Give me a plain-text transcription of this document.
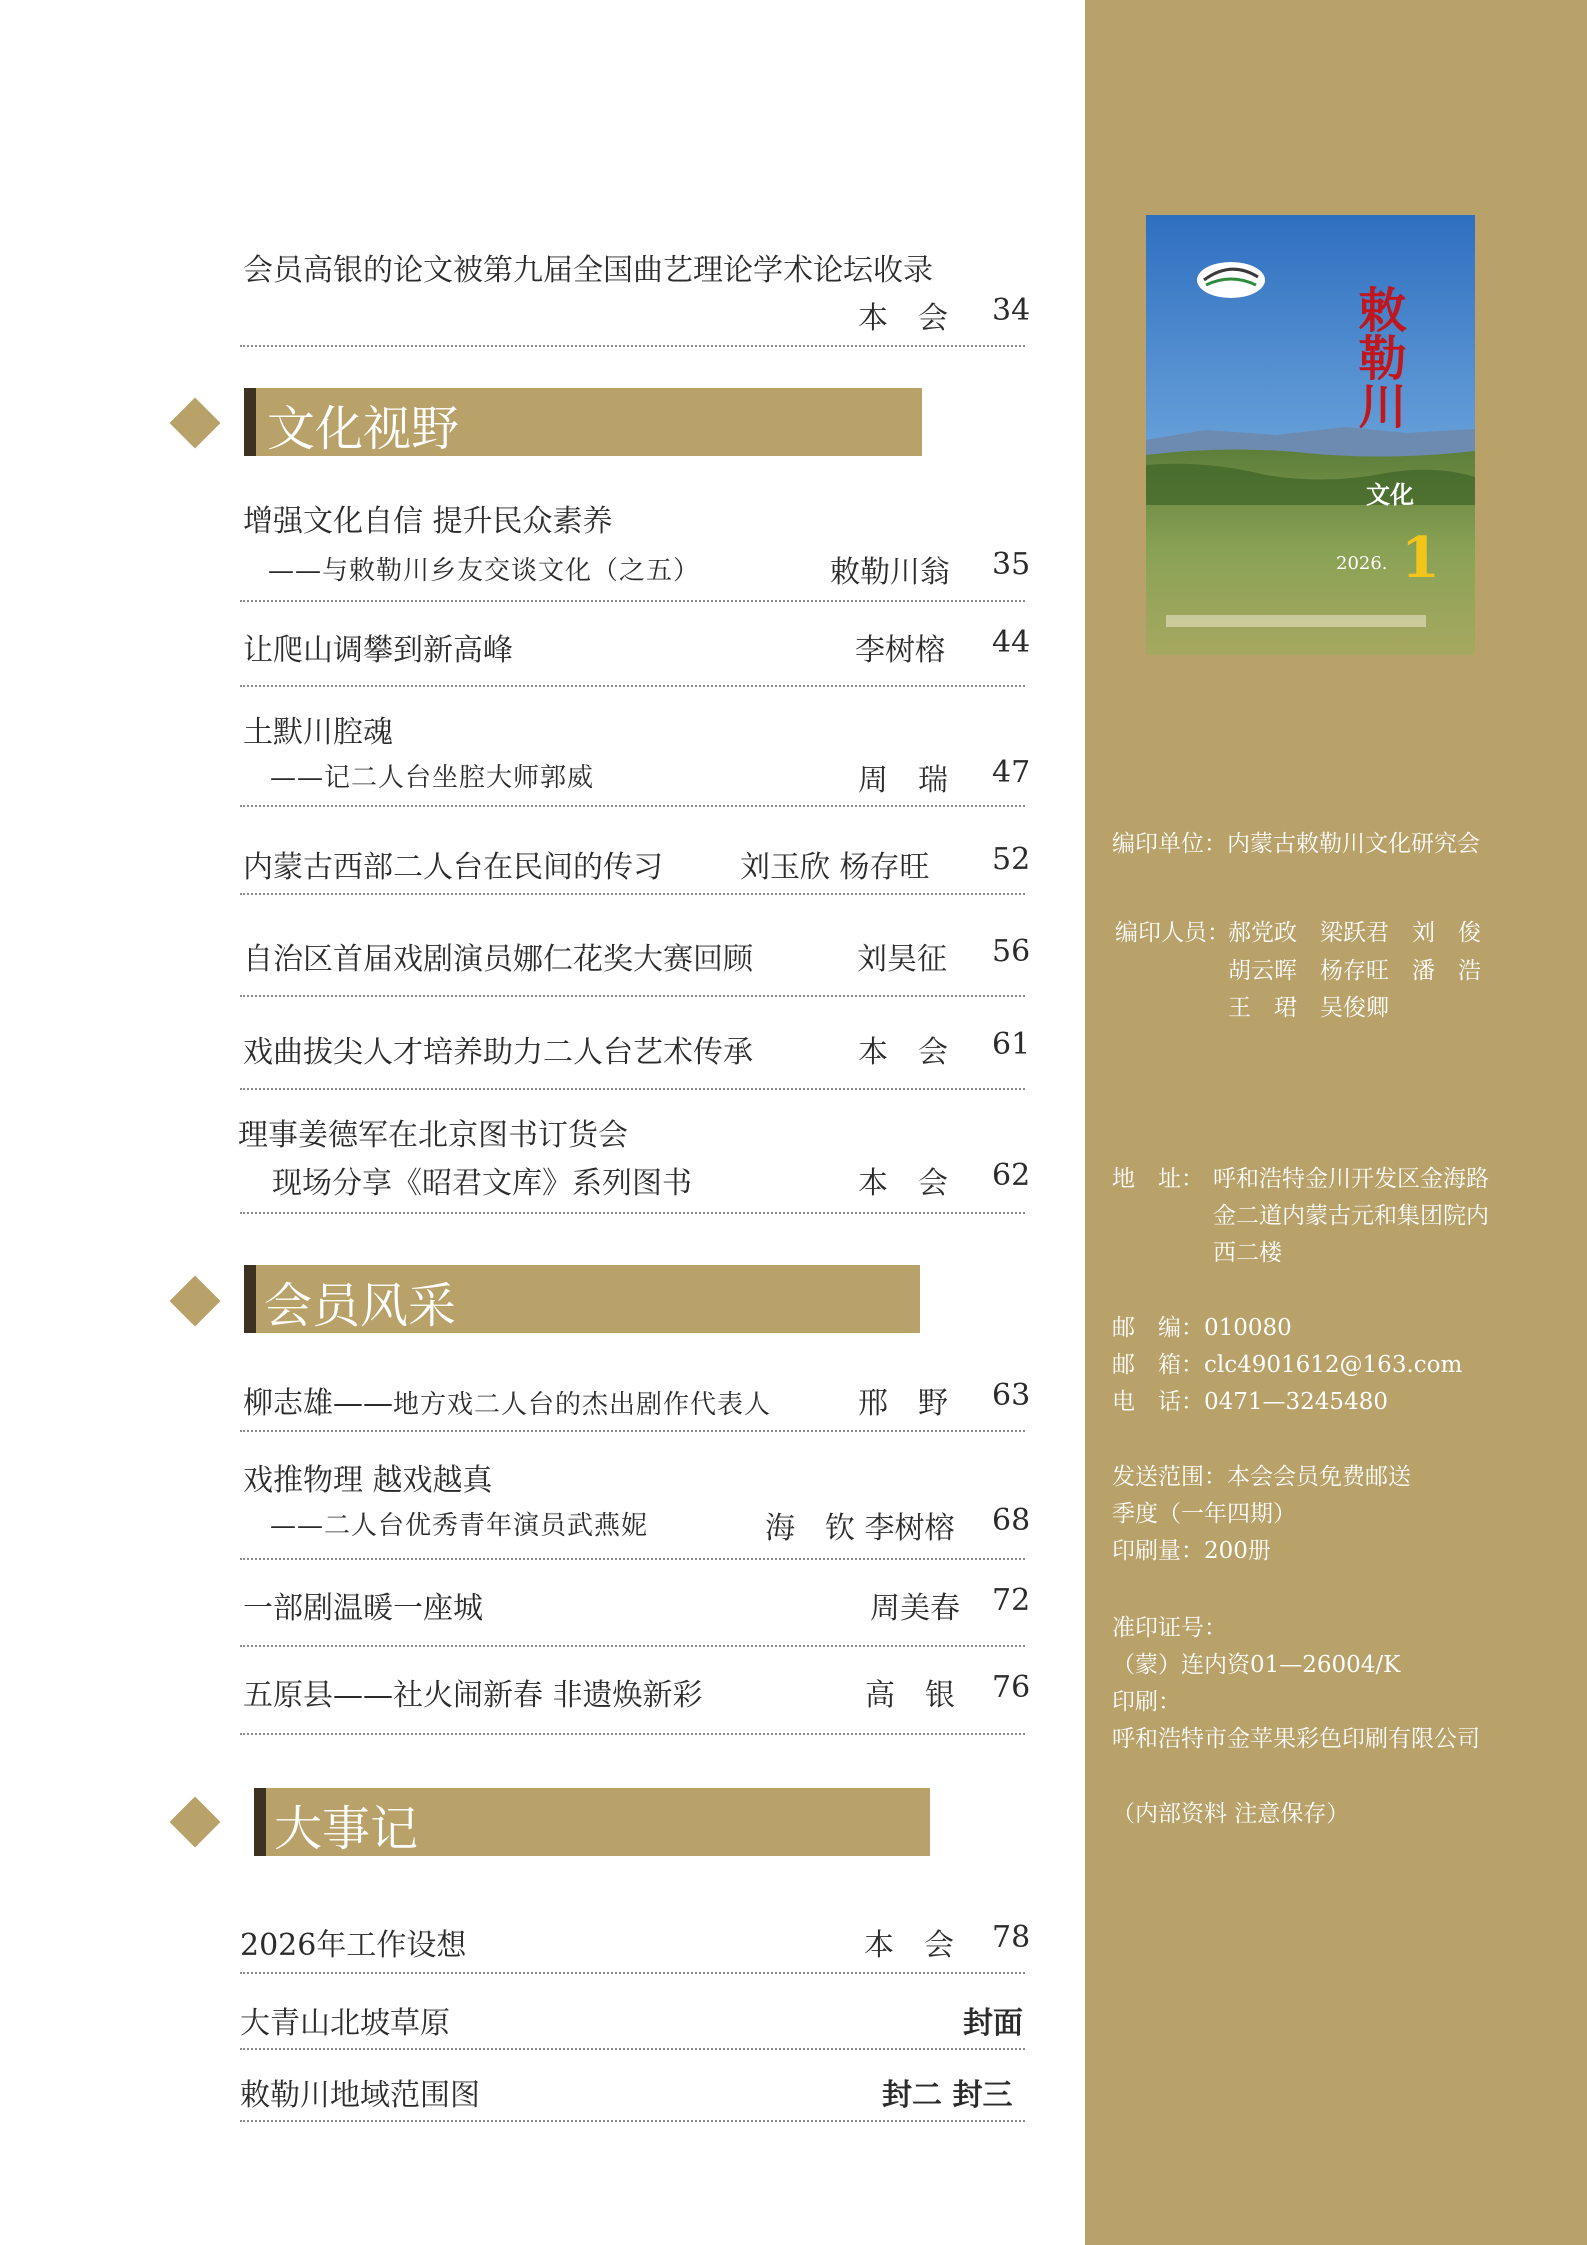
敕勒川
文化
1
2026.
编印单位：内蒙古敕勒川文化研究会
编印人员：
郝党政　梁跃君　刘　俊
胡云晖　杨存旺　潘　浩
王　珺　吴俊卿
地　址： 呼和浩特金川开发区金海路
金二道内蒙古元和集团院内
西二楼
邮　编：010080
邮　箱：clc4901612@163.com
电　话：0471—3245480
发送范围：本会会员免费邮送
季度（一年四期）
印刷量：200册
准印证号：
（蒙）连内资01—26004/K
印刷：
呼和浩特市金苹果彩色印刷有限公司
（内部资料 注意保存）
会员高银的论文被第九届全国曲艺理论学术论坛收录
本　会 34
文化视野
增强文化自信 提升民众素养
——与敕勒川乡友交谈文化（之五）	敕勒川翁 35
让爬山调攀到新高峰	李树榕 44
土默川腔魂
——记二人台坐腔大师郭威	周　瑞 47
内蒙古西部二人台在民间的传习	刘玉欣 杨存旺 52
自治区首届戏剧演员娜仁花奖大赛回顾	刘昊征 56
戏曲拔尖人才培养助力二人台艺术传承	本　会 61
理事姜德军在北京图书订货会
现场分享《昭君文库》系列图书	本　会 62
会员风采
柳志雄——地方戏二人台的杰出剧作代表人	邢　野 63
戏推物理 越戏越真
——二人台优秀青年演员武燕妮	海　钦 李树榕 68
一部剧温暖一座城	周美春 72
五原县——社火闹新春 非遗焕新彩	高　银 76
大事记
2026年工作设想	本　会 78
大青山北坡草原	封面
敕勒川地域范围图	封二 封三
